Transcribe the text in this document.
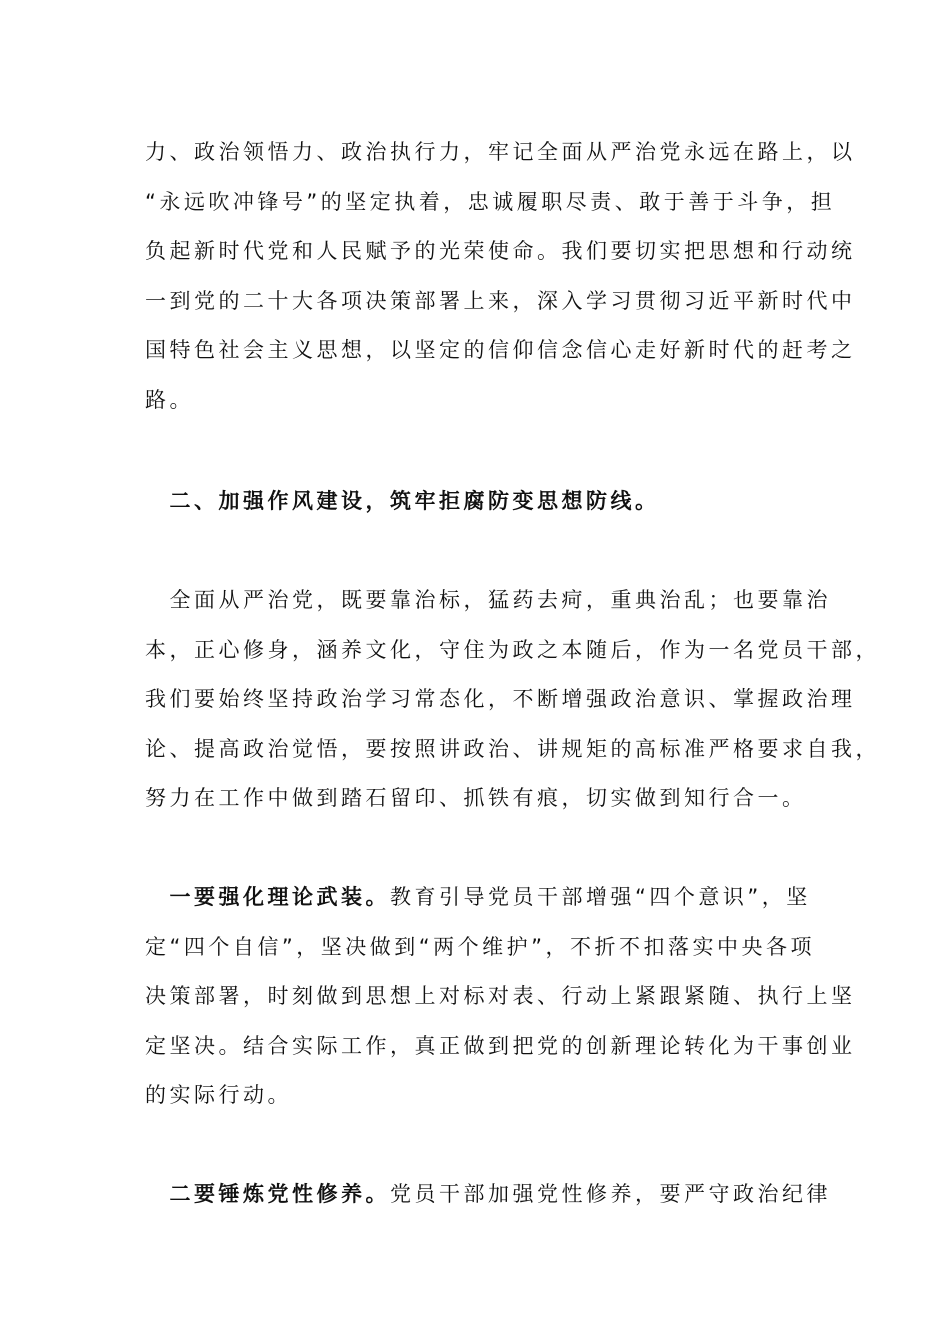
力、政治领悟力、政治执行力，牢记全面从严治党永远在路上，以
“永远吹冲锋号”的坚定执着，忠诚履职尽责、敢于善于斗争，担
负起新时代党和人民赋予的光荣使命。我们要切实把思想和行动统
一到党的二十大各项决策部署上来，深入学习贯彻习近平新时代中
国特色社会主义思想，以坚定的信仰信念信心走好新时代的赶考之
路。
　二、加强作风建设，筑牢拒腐防变思想防线。
　全面从严治党，既要靠治标，猛药去疴，重典治乱；也要靠治
本，正心修身，涵养文化，守住为政之本随后，作为一名党员干部，
我们要始终坚持政治学习常态化，不断增强政治意识、掌握政治理
论、提高政治觉悟，要按照讲政治、讲规矩的高标准严格要求自我，
努力在工作中做到踏石留印、抓铁有痕，切实做到知行合一。
　一要强化理论武装。教育引导党员干部增强“四个意识”，坚
定“四个自信”，坚决做到“两个维护”，不折不扣落实中央各项
决策部署，时刻做到思想上对标对表、行动上紧跟紧随、执行上坚
定坚决。结合实际工作，真正做到把党的创新理论转化为干事创业
的实际行动。
　二要锤炼党性修养。党员干部加强党性修养，要严守政治纪律
